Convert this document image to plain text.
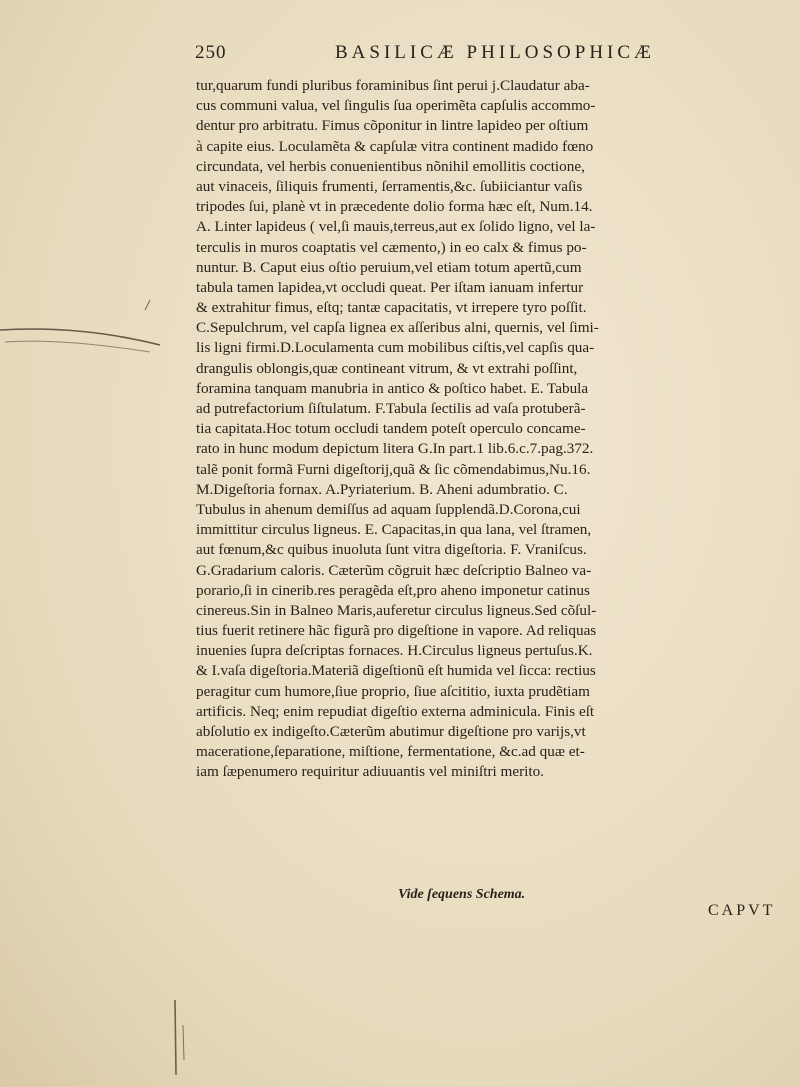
250	BASILICÆ PHILOSOPHICÆ
tur,quarum fundi pluribus foraminibus ſint perui j.Claudatur aba-
cus communi valua, vel ſingulis ſua operimẽta capſulis accommo-
dentur pro arbitratu. Fimus cõponitur in lintre lapideo per oſtium
à capite eius. Loculamẽta & capſulæ vitra continent madido fœno
circundata, vel herbis conuenientibus nõnihil emollitis coctione,
aut vinaceis, ſiliquis frumenti, ſerramentis,&c. ſubiiciantur vaſis
tripodes ſui, planè vt in præcedente dolio forma hæc eſt, Num.14.
A. Linter lapideus ( vel,ſi mauis,terreus,aut ex ſolido ligno, vel la-
terculis in muros coaptatis vel cæmento,) in eo calx & fimus po-
nuntur. B. Caput eius oſtio peruium,vel etiam totum apertũ,cum
tabula tamen lapidea,vt occludi queat. Per iſtam ianuam infertur
& extrahitur fimus, eſtq; tantæ capacitatis, vt irrepere tyro poſſit.
C.Sepulchrum, vel capſa lignea ex aſſeribus alni, quernis, vel ſimi-
lis ligni firmi.D.Loculamenta cum mobilibus ciſtis,vel capſis qua-
drangulis oblongis,quæ contineant vitrum, & vt extrahi poſſint,
foramina tanquam manubria in antico & poſtico habet. E. Tabula
ad putrefactorium ſiſtulatum. F.Tabula ſectilis ad vaſa protuberã-
tia capitata.Hoc totum occludi tandem poteſt operculo concame-
rato in hunc modum depictum litera G.In part.1 lib.6.c.7.pag.372.
talẽ ponit formã Furni digeſtorij,quã & ſic cõmendabimus,Nu.16.
M.Digeſtoria fornax. A.Pyriaterium. B. Aheni adumbratio. C.
Tubulus in ahenum demiſſus ad aquam ſupplendã.D.Corona,cui
immittitur circulus ligneus. E. Capacitas,in qua lana, vel ſtramen,
aut fœnum,&c quibus inuoluta ſunt vitra digeſtoria. F. Vraniſcus.
G.Gradarium caloris. Cæterũm cõgruit hæc deſcriptio Balneo va-
porario,ſi in cinerib.res peragẽda eſt,pro aheno imponetur catinus
cinereus.Sin in Balneo Maris,auferetur circulus ligneus.Sed cõſul-
tius fuerit retinere hãc figurã pro digeſtione in vapore. Ad reliquas
inuenies ſupra deſcriptas fornaces. H.Circulus ligneus pertuſus.K.
& I.vaſa digeſtoria.Materiã digeſtionũ eſt humida vel ſicca: rectius
peragitur cum humore,ſiue proprio, ſiue aſcititio, iuxta prudẽtiam
artificis. Neq; enim repudiat digeſtio externa adminicula. Finis eſt
abſolutio ex indigeſto.Cæterũm abutimur digeſtione pro varijs,vt
maceratione,ſeparatione, miſtione, fermentatione, &c.ad quæ et-
iam ſæpenumero requiritur adiuuantis vel miniſtri merito.
Vide ſequens Schema.
CAPVT
